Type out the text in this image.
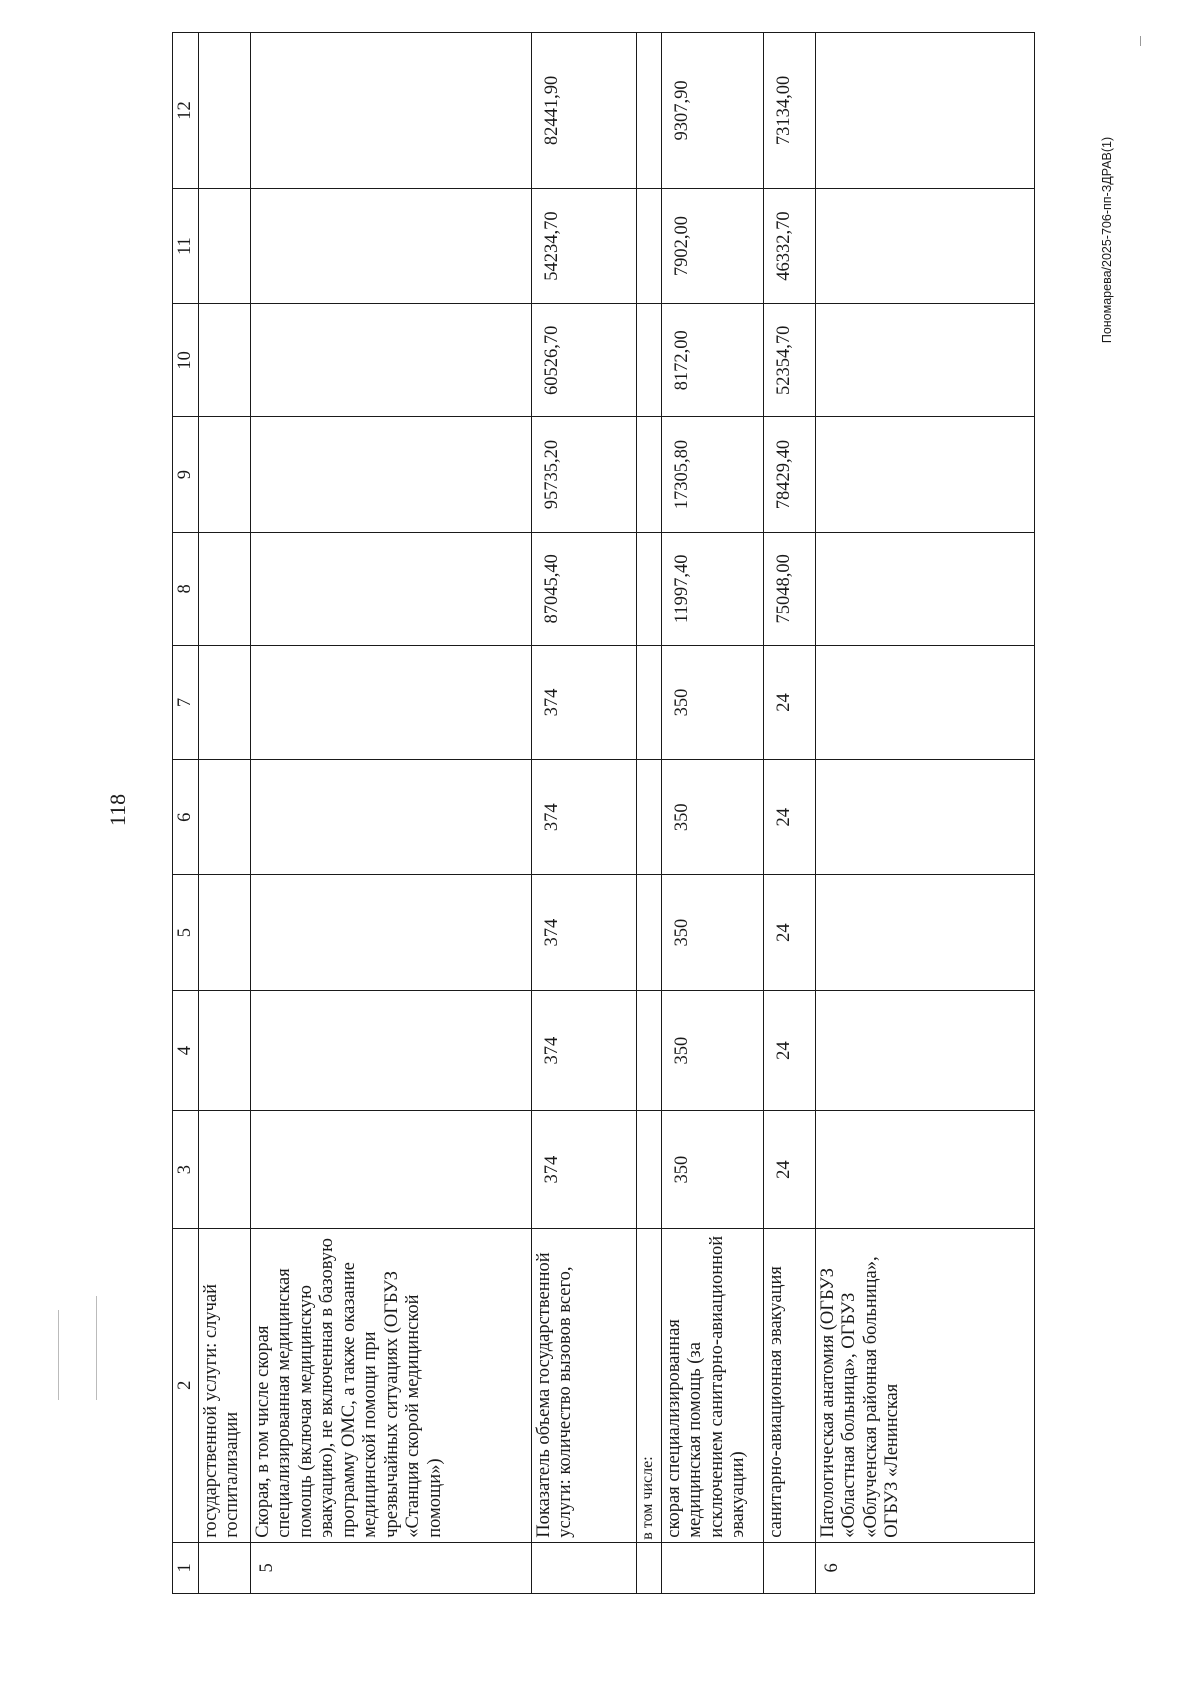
118
Пономарева/2025-706-пп-ЗДРАВ(1)
1	2	3	4	5	6	7	8	9	10	11	12
	государственной услуги: случай госпитализации										
5	Скорая, в том числе скорая специализированная медицинская помощь (включая медицинскую эвакуацию), не включенная в базовую программу ОМС, а также оказание медицинской помощи при чрезвычайных ситуациях (ОГБУЗ «Станция скорой медицинской помощи»)										
	Показатель объема государственной услуги: количество вызовов всего,	374	374	374	374	374	87045,40	95735,20	60526,70	54234,70	82441,90
	в том числе:										
	скорая специализированная медицинская помощь (за исключением санитарно-авиационной эвакуации)	350	350	350	350	350	11997,40	17305,80	8172,00	7902,00	9307,90
	санитарно-авиационная эвакуация	24	24	24	24	24	75048,00	78429,40	52354,70	46332,70	73134,00
6	Патологическая анатомия (ОГБУЗ «Областная больница», ОГБУЗ «Облученская районная больница», ОГБУЗ «Ленинская										
